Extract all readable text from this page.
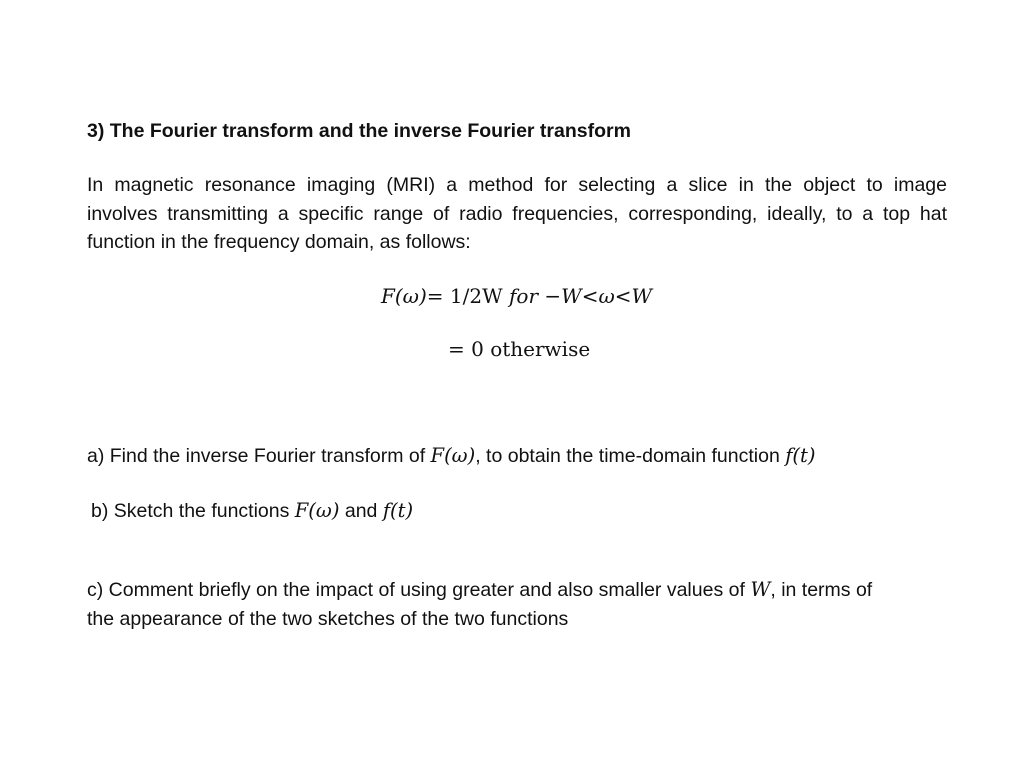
3) The Fourier transform and the inverse Fourier transform
In magnetic resonance imaging (MRI) a method for selecting a slice in the object to image
involves transmitting a specific range of radio frequencies, corresponding, ideally, to a top hat
function in the frequency domain, as follows:
F(ω)= 1/2W for −W<ω<W
= 0 otherwise
a) Find the inverse Fourier transform of F(ω), to obtain the time-domain function f(t)
b) Sketch the functions F(ω) and f(t)
c) Comment briefly on the impact of using greater and also smaller values of W, in terms of
the appearance of the two sketches of the two functions
